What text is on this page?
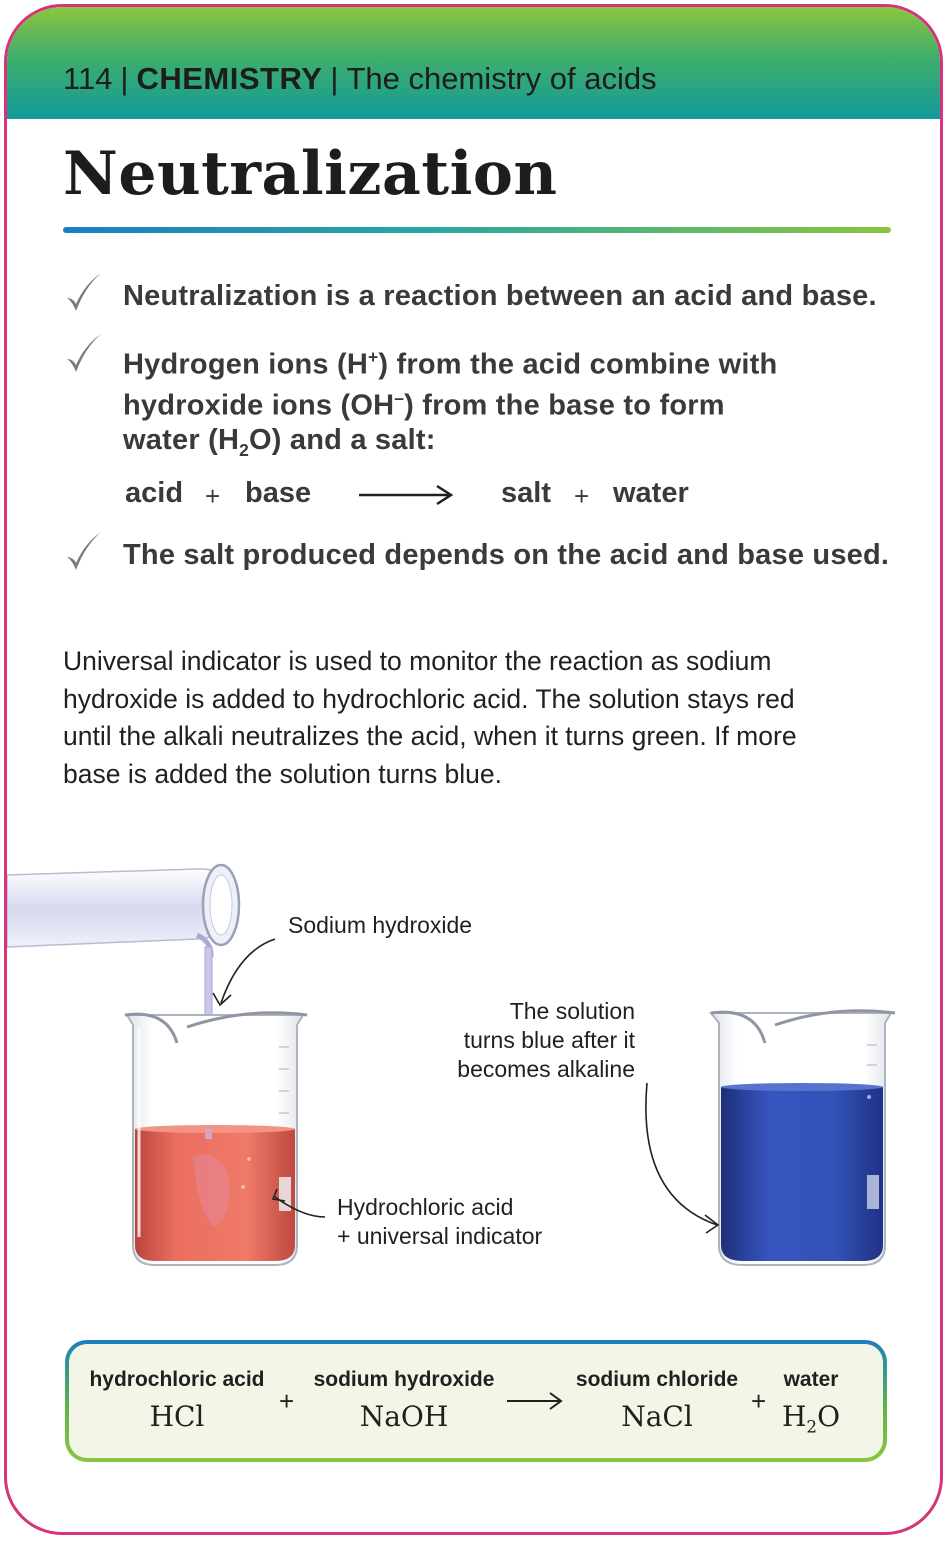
114 | CHEMISTRY | The chemistry of acids
Neutralization
Neutralization is a reaction between an acid and base.
Hydrogen ions (H+) from the acid combine with
hydroxide ions (OH–) from the base to form
water $(H_2O)$ and a salt:
acid + base	salt + water
The salt produced depends on the acid and base used.
Universal indicator is used to monitor the reaction as sodium
hydroxide is added to hydrochloric acid. The solution stays red
until the alkali neutralizes the acid, when it turns green. If more
base is added the solution turns blue.
Sodium hydroxide
The solution
turns blue after it
becomes alkaline
Hydrochloric acid
+ universal indicator
hydrochloric acid
HCl	+
sodium hydroxide
NaOH
sodium chloride
NaCl	+
water
$H_2O$
